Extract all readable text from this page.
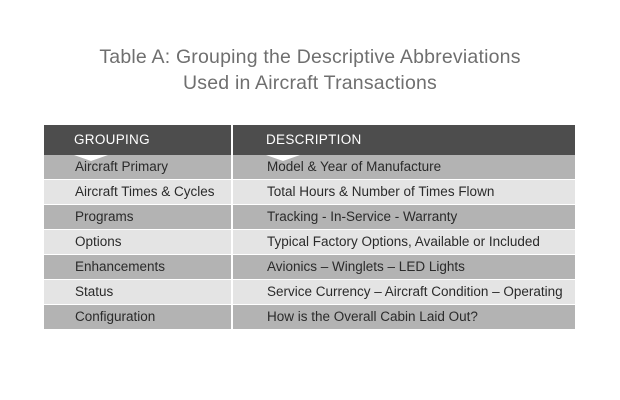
Table A: Grouping the Descriptive Abbreviations
Used in Aircraft Transactions
GROUPING	DESCRIPTION
Aircraft Primary	Model & Year of Manufacture
Aircraft Times & Cycles	Total Hours & Number of Times Flown
Programs	Tracking - In-Service - Warranty
Options	Typical Factory Options, Available or Included
Enhancements	Avionics – Winglets – LED Lights
Status	Service Currency – Aircraft Condition – Operating
Configuration	How is the Overall Cabin Laid Out?
